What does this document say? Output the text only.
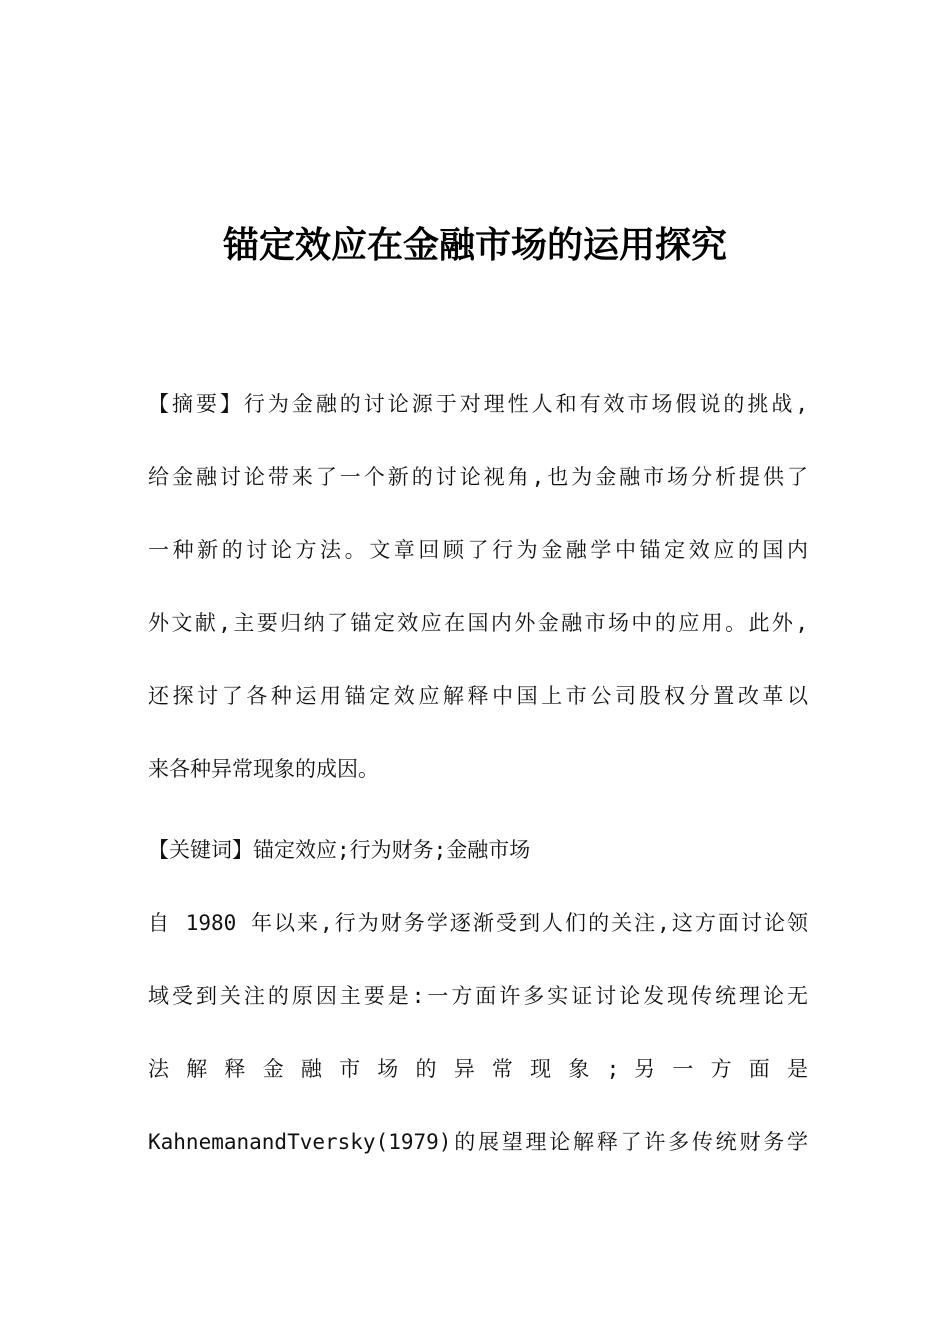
锚定效应在金融市场的运用探究
【摘要】行为金融的讨论源于对理性人和有效市场假说的挑战,
给金融讨论带来了一个新的讨论视角,也为金融市场分析提供了
一种新的讨论方法。文章回顾了行为金融学中锚定效应的国内
外文献,主要归纳了锚定效应在国内外金融市场中的应用。此外,
还探讨了各种运用锚定效应解释中国上市公司股权分置改革以
来各种异常现象的成因。
【关键词】锚定效应;行为财务;金融市场
自 1980 年以来,行为财务学逐渐受到人们的关注,这方面讨论领
域受到关注的原因主要是:一方面许多实证讨论发现传统理论无
法 解 释 金 融 市 场 的 异 常 现 象 ; 另 一 方 面 是
KahnemanandTversky(1979)的展望理论解释了许多传统财务学
